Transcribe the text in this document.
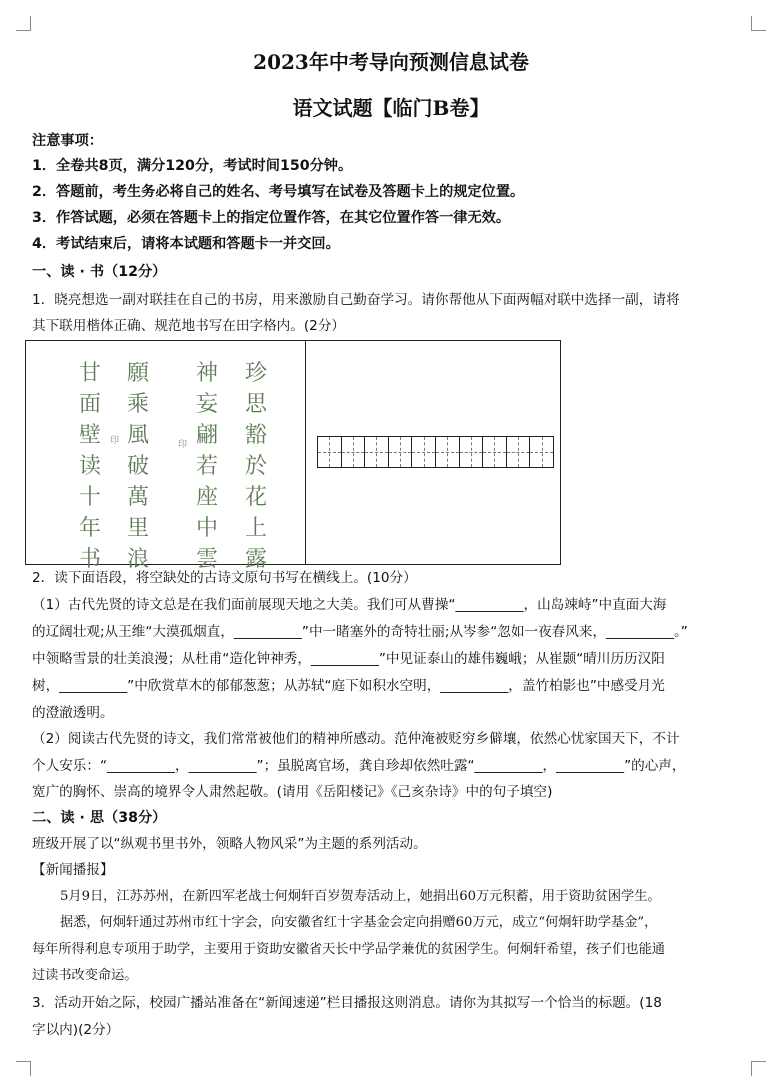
2023年中考导向预测信息试卷
语文试题【临门B卷】
注意事项：
1．全卷共8页，满分120分，考试时间150分钟。
2．答题前，考生务必将自己的姓名、考号填写在试卷及答题卡上的规定位置。
3．作答试题，必须在答题卡上的指定位置作答，在其它位置作答一律无效。
4．考试结束后，请将本试题和答题卡一并交回。
一、读 · 书（12分）
1．晓亮想选一副对联挂在自己的书房，用来激励自己勤奋学习。请你帮他从下面两幅对联中选择一副，请将
其下联用楷体正确、规范地书写在田字格内。(2分）
甘面壁读十年书
願乘風破萬里浪
印
神妄翩若座中雲
珍思豁於花上露
印
2．读下面语段，将空缺处的古诗文原句书写在横线上。(10分）
（1）古代先贤的诗文总是在我们面前展现天地之大美。我们可从曹操“__________，山岛竦峙”中直面大海
的辽阔壮观;从王维“大漠孤烟直，__________”中一睹塞外的奇特壮丽;从岑参“忽如一夜春风来，__________。”
中领略雪景的壮美浪漫；从杜甫“造化钟神秀，__________”中见证泰山的雄伟巍峨；从崔颢“晴川历历汉阳
树，__________”中欣赏草木的郁郁葱葱；从苏轼“庭下如积水空明，__________，盖竹柏影也”中感受月光
的澄澈透明。
（2）阅读古代先贤的诗文，我们常常被他们的精神所感动。范仲淹被贬穷乡僻壤，依然心忧家国天下，不计
个人安乐：“__________，__________”；虽脱离官场，龚自珍却依然吐露“__________，__________”的心声，
宽广的胸怀、崇高的境界令人肃然起敬。(请用《岳阳楼记》《己亥杂诗》中的句子填空)
二、读 · 思（38分）
班级开展了以“纵观书里书外，领略人物风采”为主题的系列活动。
【新闻播报】
5月9日，江苏苏州，在新四军老战士何炯轩百岁贺寿活动上，她捐出60万元积蓄，用于资助贫困学生。
据悉，何炯轩通过苏州市红十字会，向安徽省红十字基金会定向捐赠60万元，成立“何炯轩助学基金”，
每年所得利息专项用于助学，主要用于资助安徽省天长中学品学兼优的贫困学生。何炯轩希望，孩子们也能通
过读书改变命运。
3．活动开始之际，校园广播站准备在“新闻速递”栏目播报这则消息。请你为其拟写一个恰当的标题。(18
字以内)(2分）
